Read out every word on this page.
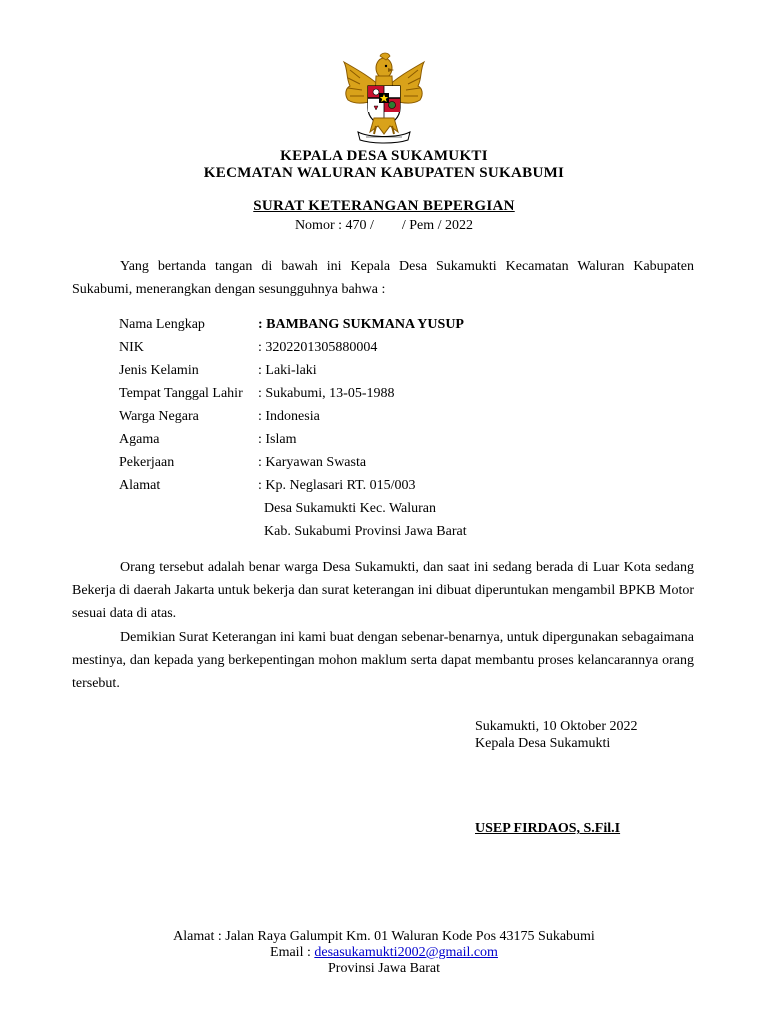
KEPALA DESA SUKAMUKTI
KECMATAN WALURAN KABUPATEN SUKABUMI
SURAT KETERANGAN BEPERGIAN
Nomor : 470 /        / Pem / 2022
Yang bertanda tangan di bawah ini Kepala Desa Sukamukti Kecamatan Waluran Kabupaten Sukabumi, menerangkan dengan sesungguhnya bahwa :
Nama Lengkap	: BAMBANG SUKMANA YUSUP
NIK	: 3202201305880004
Jenis Kelamin	: Laki-laki
Tempat Tanggal Lahir : Sukabumi, 13-05-1988
Warga Negara	: Indonesia
Agama	: Islam
Pekerjaan	: Karyawan Swasta
Alamat	: Kp. Neglasari RT. 015/003
Desa Sukamukti Kec. Waluran
Kab. Sukabumi Provinsi Jawa Barat
Orang tersebut adalah benar warga Desa Sukamukti, dan saat ini sedang berada di Luar Kota sedang Bekerja di daerah Jakarta untuk bekerja dan surat keterangan ini dibuat diperuntukan mengambil BPKB Motor sesuai data di atas.
Demikian Surat Keterangan ini kami buat dengan sebenar-benarnya, untuk dipergunakan sebagaimana mestinya, dan kepada yang berkepentingan mohon maklum serta dapat membantu proses kelancarannya orang tersebut.
Sukamukti, 10 Oktober 2022
Kepala Desa Sukamukti
USEP FIRDAOS, S.Fil.I
Alamat : Jalan Raya Galumpit Km. 01 Waluran Kode Pos 43175 Sukabumi
Email : desasukamukti2002@gmail.com
Provinsi Jawa Barat
